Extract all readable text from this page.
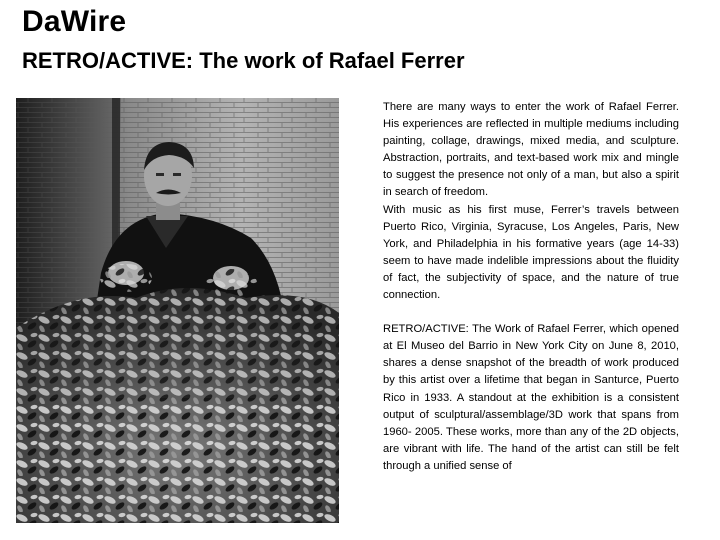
DaWire
RETRO/ACTIVE: The work of Rafael Ferrer

There are many ways to enter the work of Rafael Ferrer. His experiences are reflected in multiple mediums including painting, collage, drawings, mixed media, and sculpture. Abstraction, portraits, and text-based work mix and mingle to suggest the presence not only of a man, but also a spirit in search of freedom.

With music as his first muse, Ferrer’s travels between Puerto Rico, Virginia, Syracuse, Los Angeles, Paris, New York, and Philadelphia in his formative years (age 14-33) seem to have made indelible impressions about the fluidity of fact, the subjectivity of space, and the nature of true connection.

RETRO/ACTIVE: The Work of Rafael Ferrer, which opened at El Museo del Barrio in New York City on June 8, 2010, shares a dense snapshot of the breadth of work produced by this artist over a lifetime that began in Santurce, Puerto Rico in 1933. A standout at the exhibition is a consistent output of sculptural/assemblage/3D work that spans from 1960- 2005. These works, more than any of the 2D objects, are vibrant with life. The hand of the artist can still be felt through a unified sense of
